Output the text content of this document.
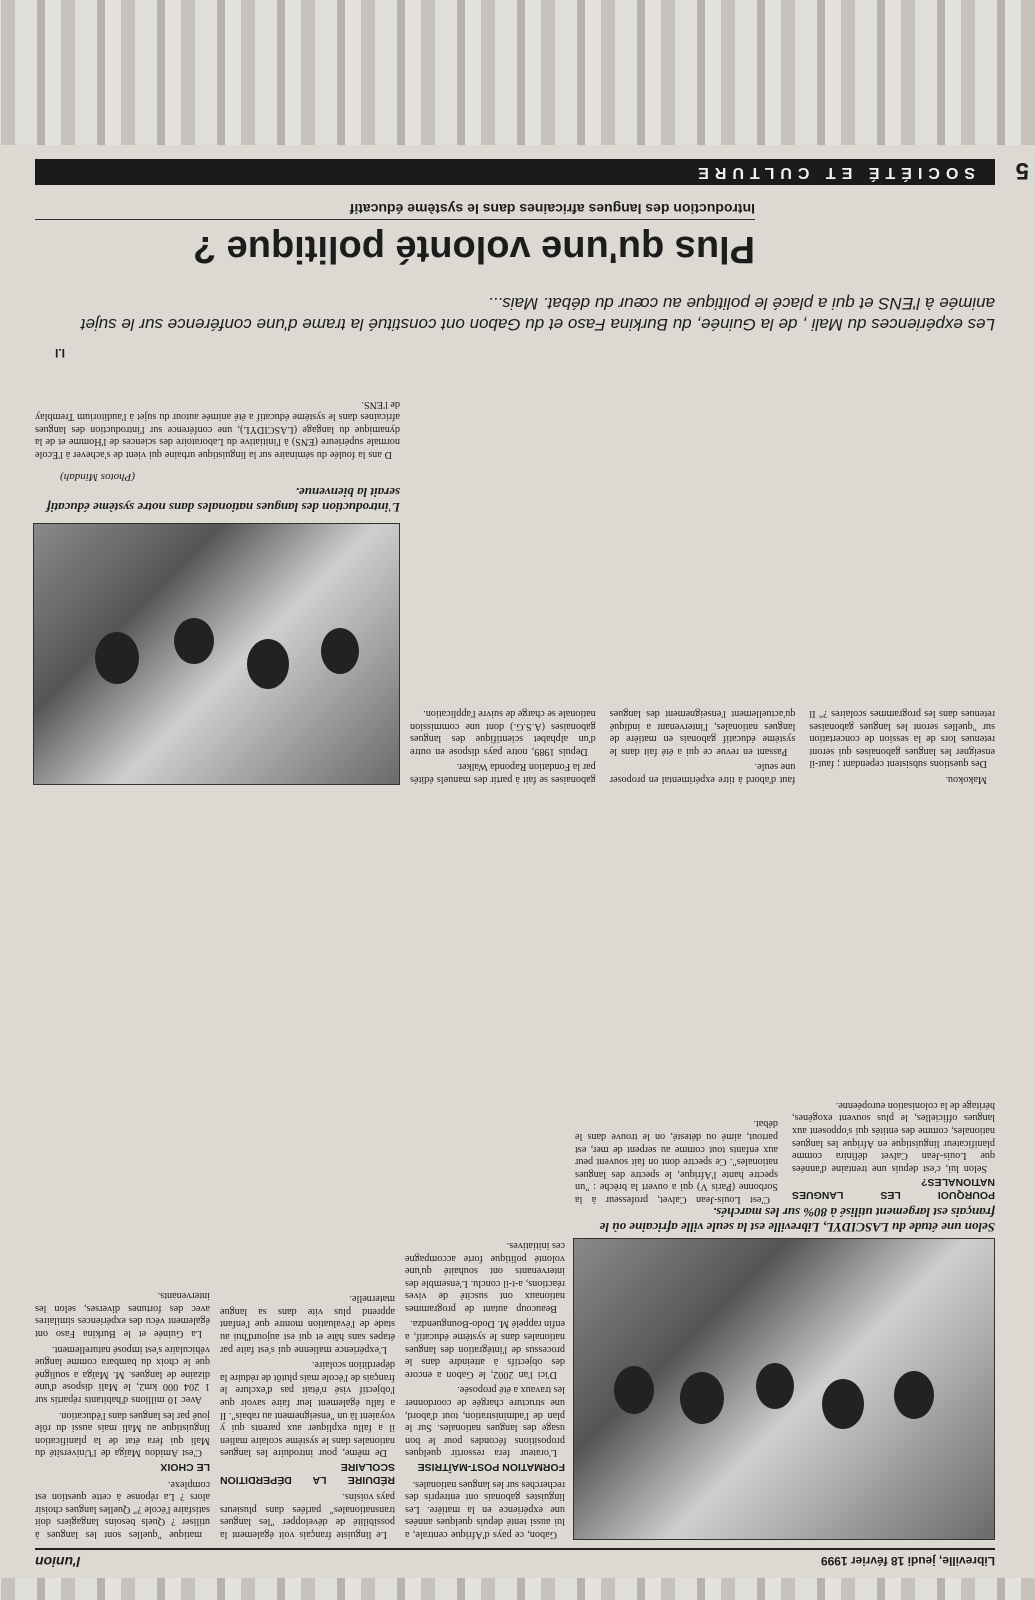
Libreville, jeudi 18 février 1999
l'union
Selon une étude du LASCIDYL, Libreville est la seule ville africaine où le français est largement utilisé à 80% sur les marchés.
L'introduction des langues nationales dans notre système éducatif serait la bienvenue.
(Photos Mindah)

Gabon, ce pays d'Afrique centrale, a lui aussi tenté depuis quelques années une expérience en la matière. Les linguistes gabonais ont entrepris des recherches sur les langues nationales.

FORMATION POST-MAÎTRISE

L'orateur fera ressortir quelques propositions fécondes pour le bon usage des langues nationales. Sur le plan de l'administration, tout d'abord, une structure chargée de coordonner les travaux a été proposée.

D'ici l'an 2002, le Gabon a encore des objectifs à atteindre dans le processus de l'intégration des langues nationales dans le système éducatif, a enfin rappelé M. Dodo-Bounguendza.

Beaucoup autant de programmes nationaux ont suscité de vives réactions, a-t-il conclu. L'ensemble des intervenants ont souhaité qu'une volonté politique forte accompagne ces initiatives.

Le linguiste français voit également la possibilité de développer "les langues transnationales" parlées dans plusieurs pays voisins.

RÉDUIRE LA DÉPERDITION SCOLAIRE

De même, pour introduire les langues nationales dans le système scolaire malien il a fallu expliquer aux parents qui y voyaient là un "enseignement au rabais". Il a fallu également leur faire savoir que l'objectif visé n'était pas d'exclure le français de l'école mais plutôt de réduire la déperdition scolaire.

L'expérience malienne qui s'est faite par étapes sans hâte et qui est aujourd'hui au stade de l'évaluation montre que l'enfant apprend plus vite dans sa langue maternelle.

matique "quelles sont les langues à utiliser ? Quels besoins langagiers doit satisfaire l'école ?" Quelles langues choisir alors ? La réponse à cette question est complexe.

LE CHOIX

C'est Amidou Maïga de l'Université du Mali qui fera état de la planification linguistique au Mali mais aussi du rôle joué par les langues dans l'éducation.

Avec 10 millions d'habitants répartis sur 1 204 000 km2, le Mali dispose d'une dizaine de langues. M. Maïga a souligné que le choix du bambara comme langue véhiculaire s'est imposé naturellement.

La Guinée et le Burkina Faso ont également vécu des expériences similaires avec des fortunes diverses, selon les intervenants.

POURQUOI LES LANGUES NATIONALES?

Selon lui, c'est depuis une trentaine d'années que Louis-Jean Calvet définira comme planificateur linguistique en Afrique les langues nationales, comme des entités qui s'opposent aux langues officielles, le plus souvent exogènes, héritage de la colonisation européenne.

C'est Louis-Jean Calvet, professeur à la Sorbonne (Paris V) qui a ouvert la brèche : "un spectre hante l'Afrique, le spectre des langues nationales". Ce spectre dont on fait souvent peur aux enfants tout comme au serpent de mer, est partout, aimé ou détesté, on le trouve dans le débat.

Makokou.

Des questions subsistent cependant ; faut-il enseigner les langues gabonaises qui seront retenues lors de la session de concertation sur "quelles seront les langues gabonaises retenues dans les programmes scolaires ?" Il faut d'abord à titre expérimental en proposer une seule.

Passant en revue ce qui a été fait dans le système éducatif gabonais en matière de langues nationales, l'intervenant a indiqué qu'actuellement l'enseignement des langues gabonaises se fait à partir des manuels édités par la Fondation Raponda Walker.

Depuis 1989, notre pays dispose en outre d'un alphabet scientifique des langues gabonaises (A.S.G.) dont une commission nationale se charge de suivre l'application.

D ans la foulée du séminaire sur la linguistique urbaine qui vient de s'achever à l'École normale supérieure (ENS) à l'initiative du Laboratoire des sciences de l'Homme et de la dynamique du langage (LASCIDYL), une conférence sur l'introduction des langues africaines dans le système éducatif a été animée autour du sujet à l'auditorium Tremblay de l'ENS.

I.I
Les expériences du Mali , de la Guinée, du Burkina Faso et du Gabon ont constitué la trame d'une conférence sur le sujet animée à l'ENS et qui a placé le politique au cœur du débat. Mais...
Plus qu'une volonté politique ?
Introduction des langues africaines dans le système éducatif
SOCIÉTÉ ET CULTURE	5
